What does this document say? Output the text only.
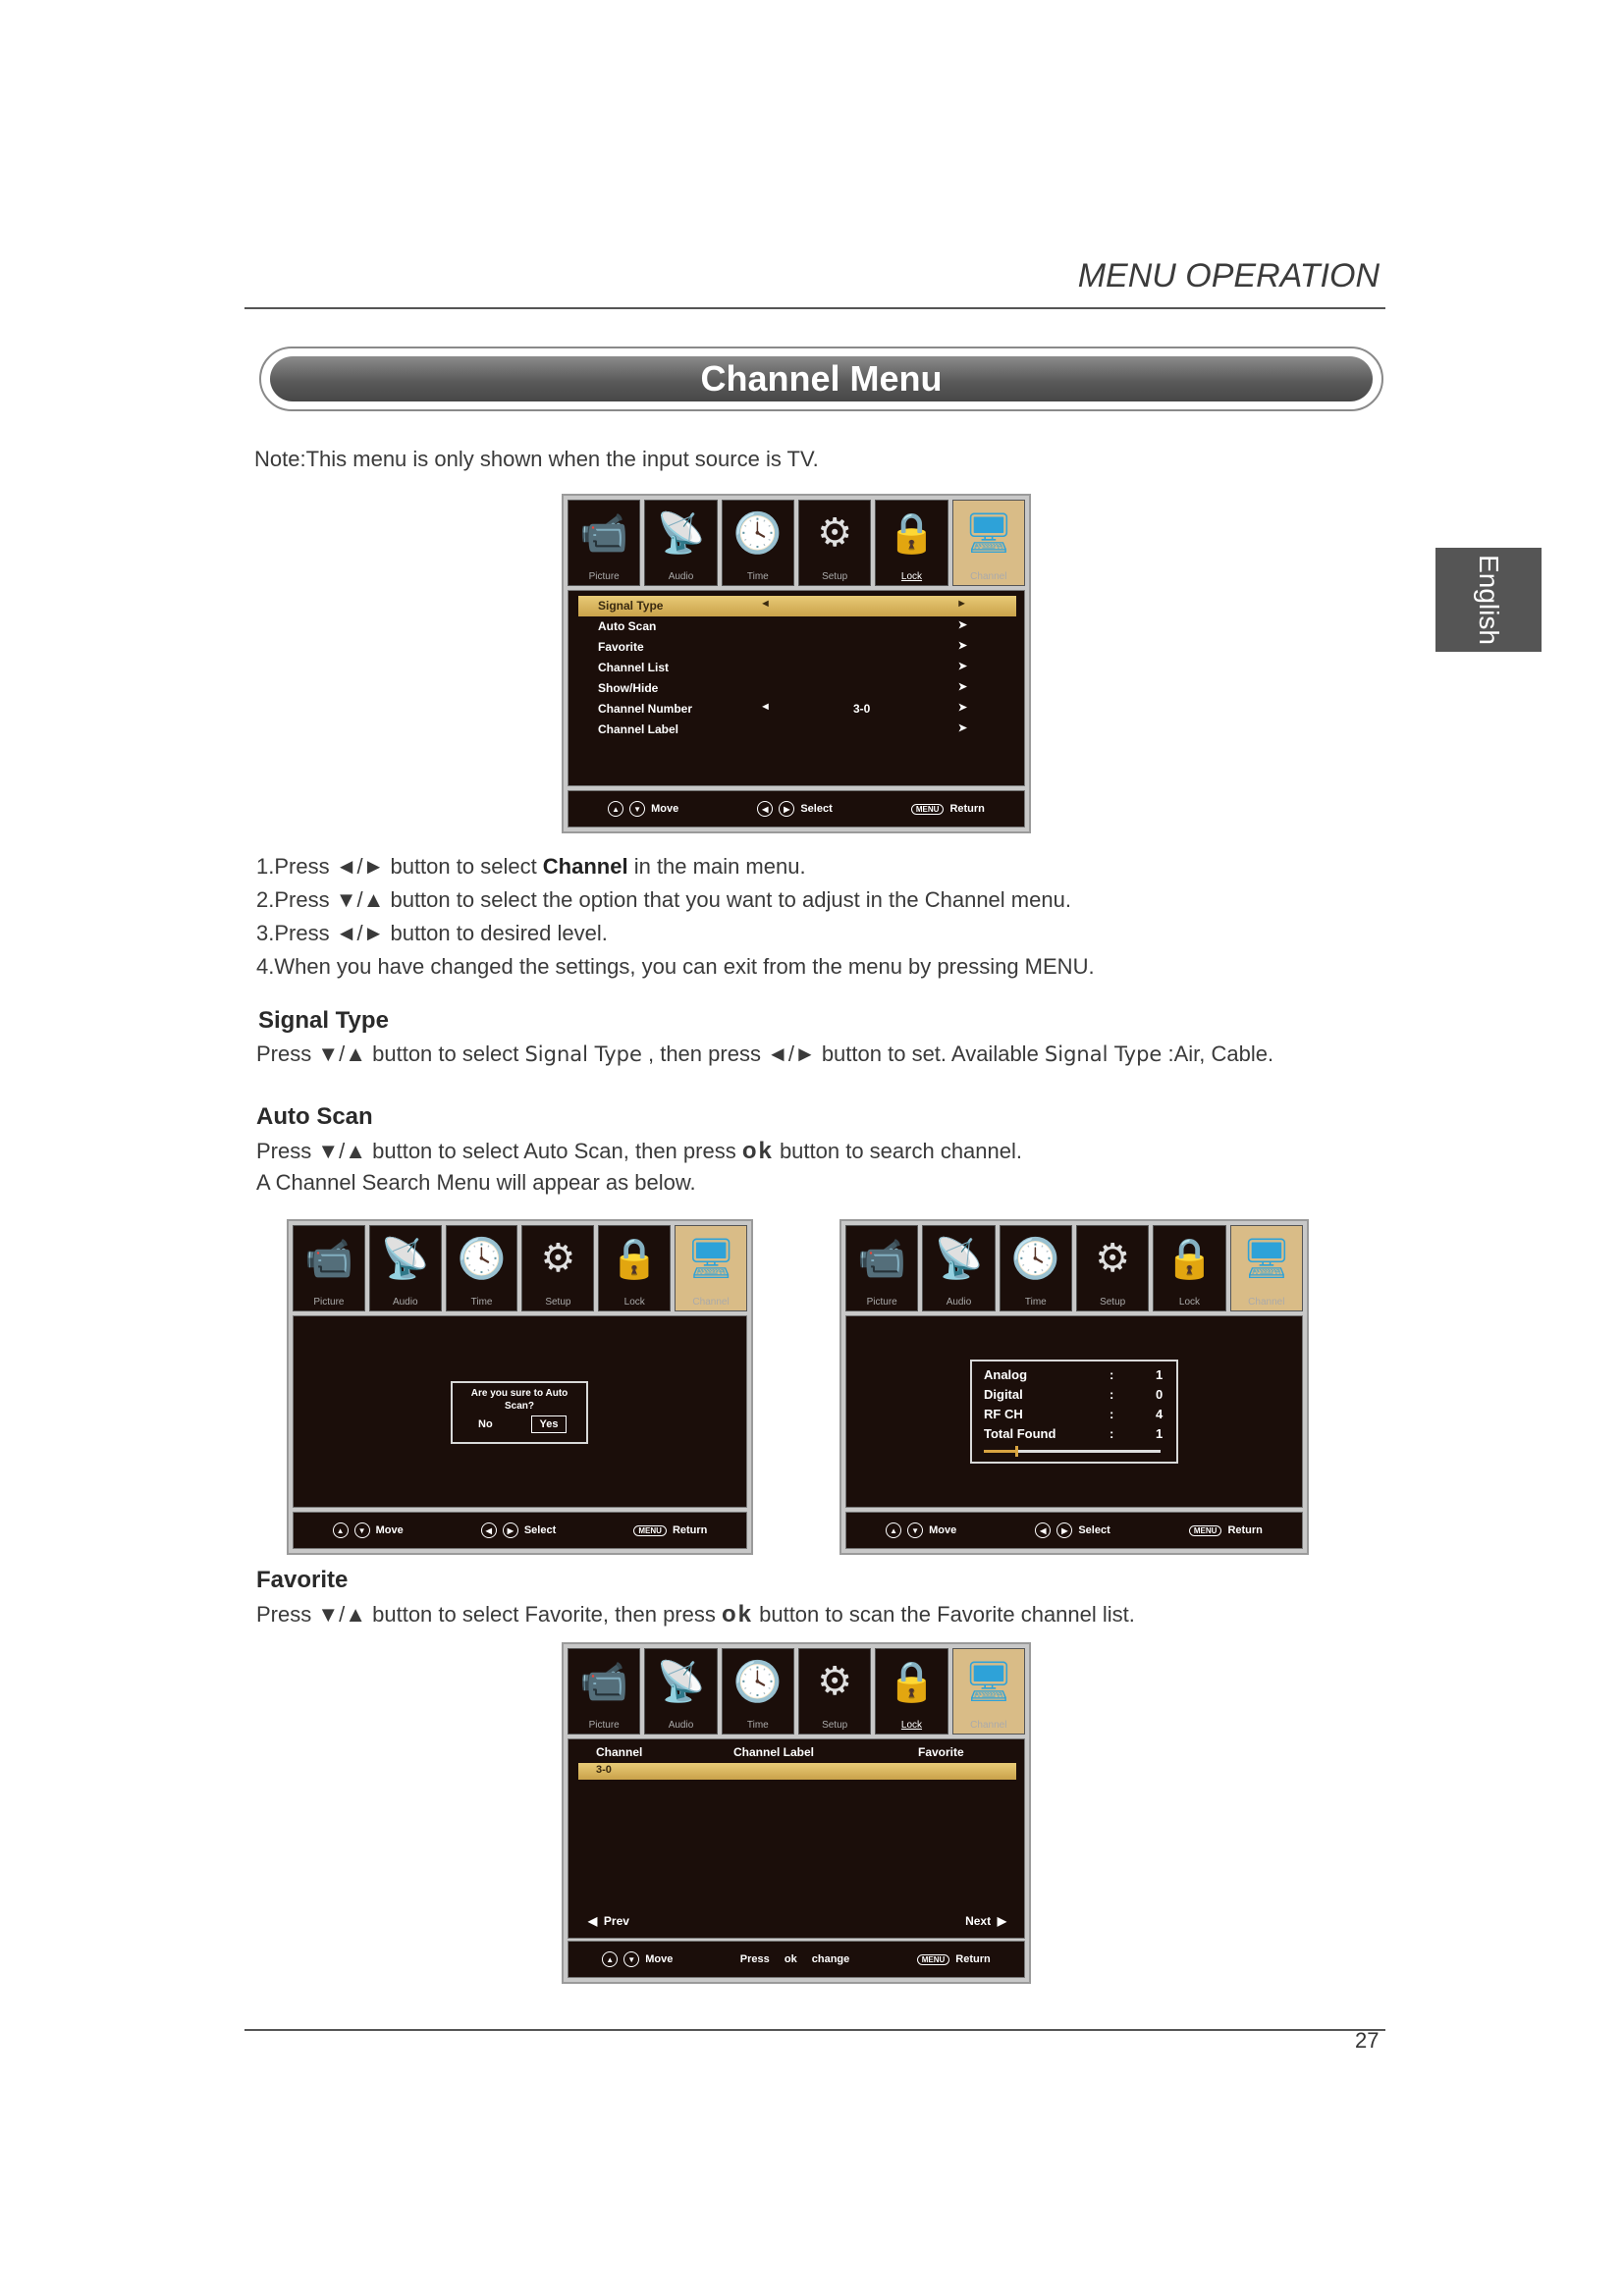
MENU OPERATION
Channel Menu
English
Note:This menu is only shown when the input source is TV.
📹
Picture
📡
Audio
🕓
Time
⚙
Setup
🔒
Lock
🖥
Channel
Signal Type	◄	►
Auto Scan	➤
Favorite	➤
Channel List	➤
Show/Hide	➤
Channel Number	◄	3-0	➤
Channel Label	➤
▲	▼ Move	◀	▶ Select	MENU	Return
1.Press ◄/► button to select Channel in the main menu.
2.Press ▼/▲ button to select the option that you want to adjust in the Channel menu.
3.Press ◄/► button to desired level.
4.When you have changed the settings, you can exit from the menu by pressing MENU.
Signal Type
Press ▼/▲ button to select Signal Type , then press ◄/► button to set. Available Signal Type :Air, Cable.
Auto Scan
Press ▼/▲ button to select Auto Scan, then press ok button to search channel.
A Channel Search Menu will appear as below.
📹
Picture
📡
Audio
🕓
Time
⚙
Setup
🔒
Lock
🖥
Channel
Are you sure to Auto Scan?
No	Yes
▲	▼ Move	◀	▶ Select	MENU	Return
📹
Picture
📡
Audio
🕓
Time
⚙
Setup
🔒
Lock
🖥
Channel
Analog	:	1
Digital	:	0
RF CH	:	4
Total Found	:	1
▲	▼ Move	◀	▶ Select	MENU	Return
Favorite
Press ▼/▲ button to select Favorite, then press ok button to scan the Favorite channel list.
📹
Picture
📡
Audio
🕓
Time
⚙
Setup
🔒
Lock
🖥
Channel
Channel	Channel Label	Favorite
3-0
◀  Prev	Next  ▶
▲	▼ Move	Press
ok
change	MENU	Return
27
